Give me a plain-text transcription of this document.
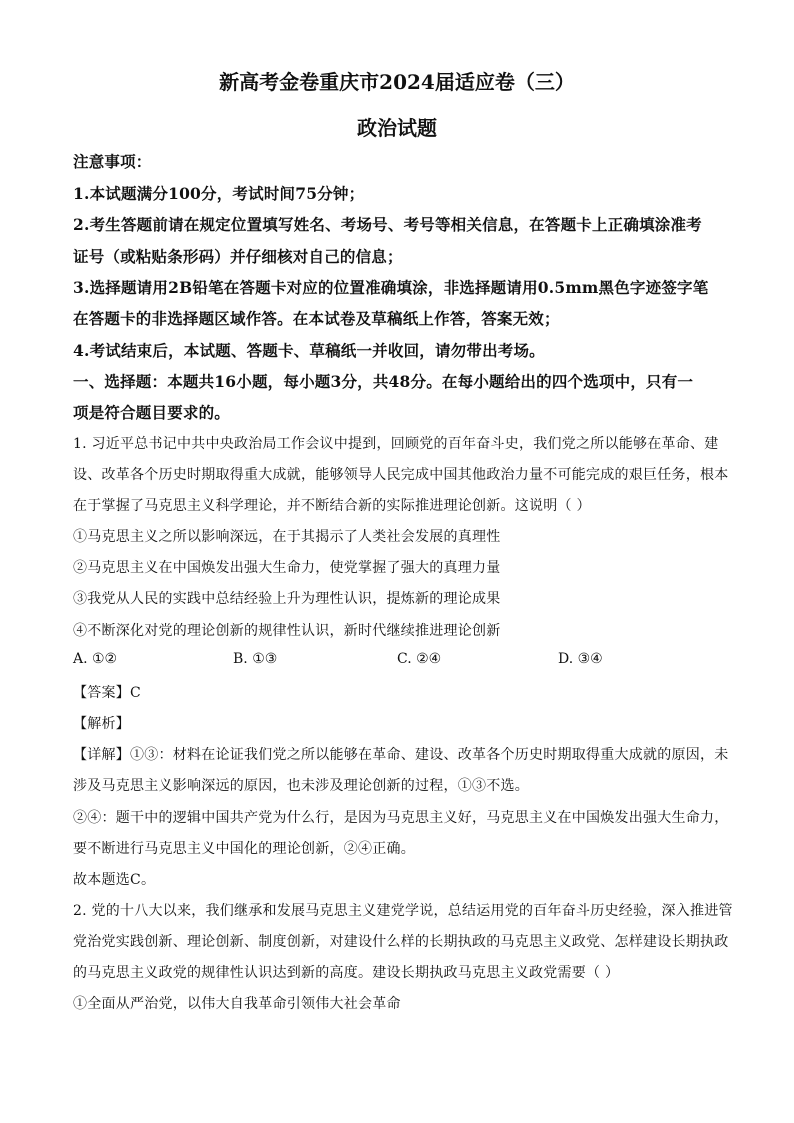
新高考金卷重庆市2024届适应卷（三）
政治试题
注意事项：
1.本试题满分100分，考试时间75分钟；
2.考生答题前请在规定位置填写姓名、考场号、考号等相关信息，在答题卡上正确填涂准考
证号（或粘贴条形码）并仔细核对自己的信息；
3.选择题请用2B铅笔在答题卡对应的位置准确填涂，非选择题请用0.5mm黑色字迹签字笔
在答题卡的非选择题区域作答。在本试卷及草稿纸上作答，答案无效；
4.考试结束后，本试题、答题卡、草稿纸一并收回，请勿带出考场。
一、选择题：本题共16小题，每小题3分，共48分。在每小题给出的四个选项中，只有一
项是符合题目要求的。
1. 习近平总书记中共中央政治局工作会议中提到，回顾党的百年奋斗史，我们党之所以能够在革命、建
设、改革各个历史时期取得重大成就，能够领导人民完成中国其他政治力量不可能完成的艰巨任务，根本
在于掌握了马克思主义科学理论，并不断结合新的实际推进理论创新。这说明（ ）
①马克思主义之所以影响深远，在于其揭示了人类社会发展的真理性
②马克思主义在中国焕发出强大生命力，使党掌握了强大的真理力量
③我党从人民的实践中总结经验上升为理性认识，提炼新的理论成果
④不断深化对党的理论创新的规律性认识，新时代继续推进理论创新
A. ①②	B. ①③	C. ②④	D. ③④
【答案】C
【解析】
【详解】①③：材料在论证我们党之所以能够在革命、建设、改革各个历史时期取得重大成就的原因，未
涉及马克思主义影响深远的原因，也未涉及理论创新的过程，①③不选。
②④：题干中的逻辑中国共产党为什么行，是因为马克思主义好，马克思主义在中国焕发出强大生命力，
要不断进行马克思主义中国化的理论创新，②④正确。
故本题选C。
2. 党的十八大以来，我们继承和发展马克思主义建党学说，总结运用党的百年奋斗历史经验，深入推进管
党治党实践创新、理论创新、制度创新，对建设什么样的长期执政的马克思主义政党、怎样建设长期执政
的马克思主义政党的规律性认识达到新的高度。建设长期执政马克思主义政党需要（ ）
①全面从严治党，以伟大自我革命引领伟大社会革命
